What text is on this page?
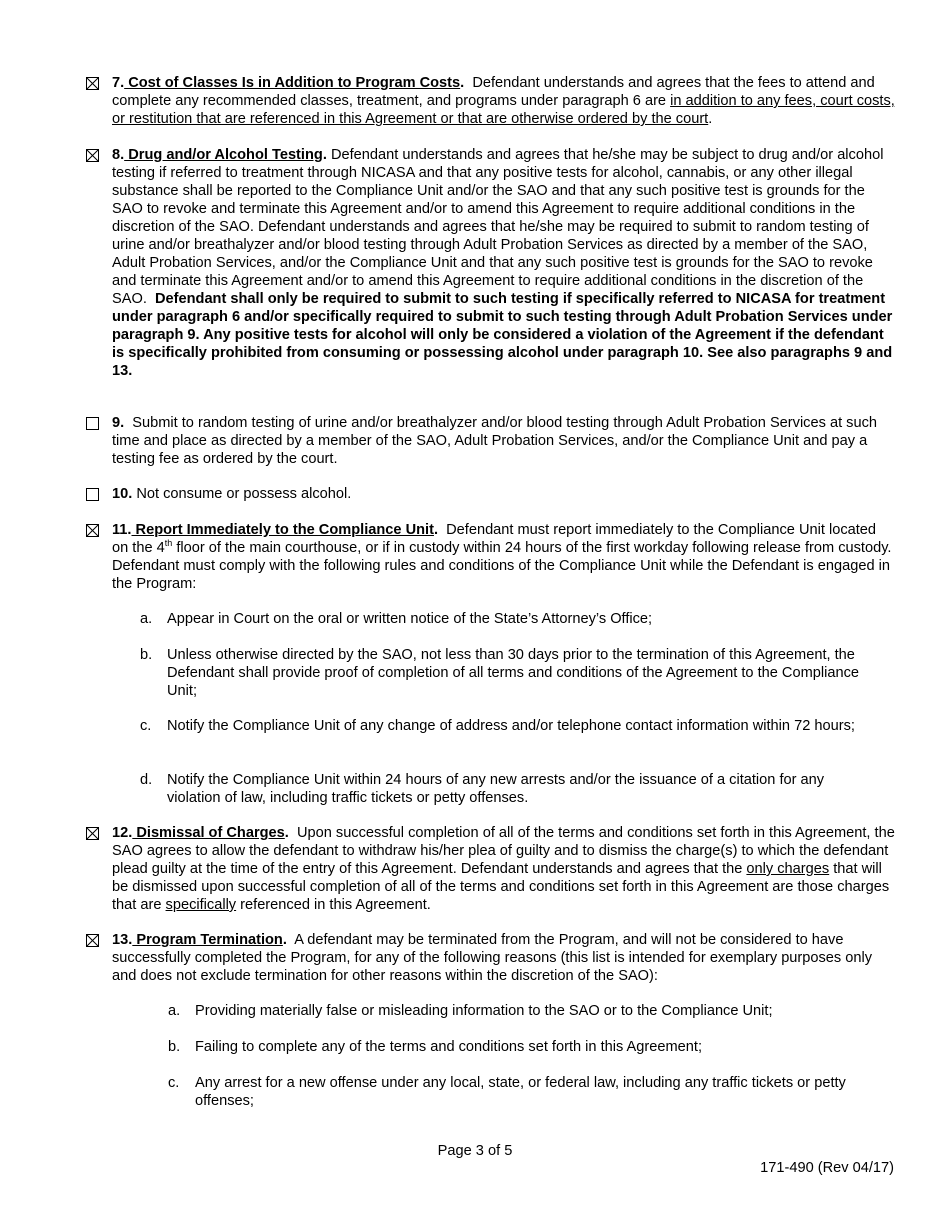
7. Cost of Classes Is in Addition to Program Costs. Defendant understands and agrees that the fees to attend and complete any recommended classes, treatment, and programs under paragraph 6 are in addition to any fees, court costs, or restitution that are referenced in this Agreement or that are otherwise ordered by the court.
8. Drug and/or Alcohol Testing. Defendant understands and agrees that he/she may be subject to drug and/or alcohol testing if referred to treatment through NICASA and that any positive tests for alcohol, cannabis, or any other illegal substance shall be reported to the Compliance Unit and/or the SAO and that any such positive test is grounds for the SAO to revoke and terminate this Agreement and/or to amend this Agreement to require additional conditions in the discretion of the SAO. Defendant understands and agrees that he/she may be required to submit to random testing of urine and/or breathalyzer and/or blood testing through Adult Probation Services as directed by a member of the SAO, Adult Probation Services, and/or the Compliance Unit and that any such positive test is grounds for the SAO to revoke and terminate this Agreement and/or to amend this Agreement to require additional conditions in the discretion of the SAO. Defendant shall only be required to submit to such testing if specifically referred to NICASA for treatment under paragraph 6 and/or specifically required to submit to such testing through Adult Probation Services under paragraph 9. Any positive tests for alcohol will only be considered a violation of the Agreement if the defendant is specifically prohibited from consuming or possessing alcohol under paragraph 10. See also paragraphs 9 and 13.
9. Submit to random testing of urine and/or breathalyzer and/or blood testing through Adult Probation Services at such time and place as directed by a member of the SAO, Adult Probation Services, and/or the Compliance Unit and pay a testing fee as ordered by the court.
10. Not consume or possess alcohol.
11. Report Immediately to the Compliance Unit. Defendant must report immediately to the Compliance Unit located on the 4th floor of the main courthouse, or if in custody within 24 hours of the first workday following release from custody. Defendant must comply with the following rules and conditions of the Compliance Unit while the Defendant is engaged in the Program:
a. Appear in Court on the oral or written notice of the State’s Attorney’s Office;
b. Unless otherwise directed by the SAO, not less than 30 days prior to the termination of this Agreement, the Defendant shall provide proof of completion of all terms and conditions of the Agreement to the Compliance Unit;
c. Notify the Compliance Unit of any change of address and/or telephone contact information within 72 hours;
d. Notify the Compliance Unit within 24 hours of any new arrests and/or the issuance of a citation for any violation of law, including traffic tickets or petty offenses.
12. Dismissal of Charges. Upon successful completion of all of the terms and conditions set forth in this Agreement, the SAO agrees to allow the defendant to withdraw his/her plea of guilty and to dismiss the charge(s) to which the defendant plead guilty at the time of the entry of this Agreement. Defendant understands and agrees that the only charges that will be dismissed upon successful completion of all of the terms and conditions set forth in this Agreement are those charges that are specifically referenced in this Agreement.
13. Program Termination. A defendant may be terminated from the Program, and will not be considered to have successfully completed the Program, for any of the following reasons (this list is intended for exemplary purposes only and does not exclude termination for other reasons within the discretion of the SAO):
a. Providing materially false or misleading information to the SAO or to the Compliance Unit;
b. Failing to complete any of the terms and conditions set forth in this Agreement;
c. Any arrest for a new offense under any local, state, or federal law, including any traffic tickets or petty offenses;
Page 3 of 5
171-490 (Rev 04/17)
